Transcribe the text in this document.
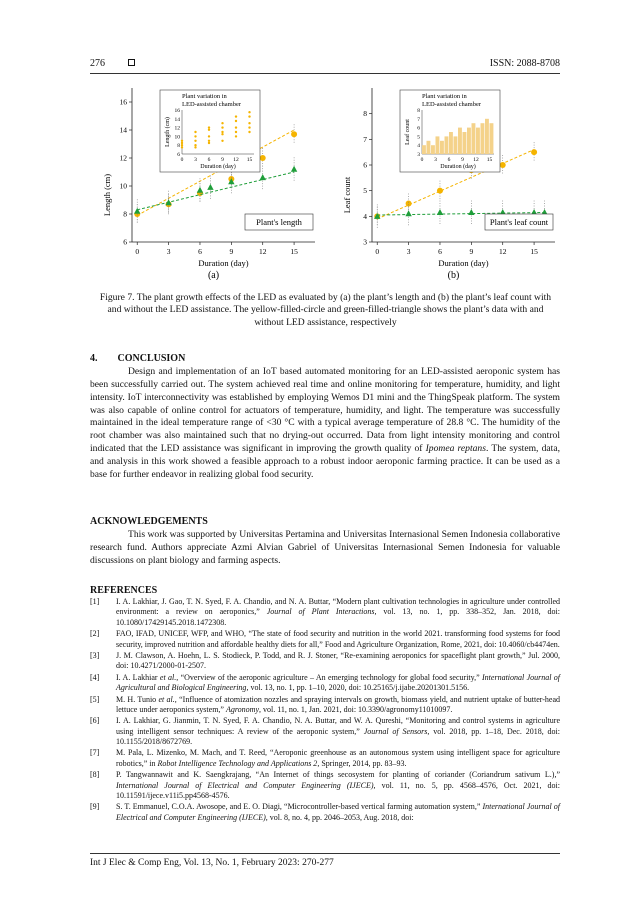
276	ISSN: 2088-8708
0	3	6	9	12	15
6
8
10
12
14
16
Duration (day)
Length (cm)
(a)
Plant's length
Plant variation in
LED-assisted chamber
0 3 6 9 12 15
6
8
10
12
14
16
Duration (day)
Length (cm)
0	3	6	9	12	15
3
4
5
6
7
8
Duration (day)
Leaf count
(b)
Plant's leaf count
Plant variation in
LED-assisted chamber
0 3 6 9 12 15
3
4
5
6
7
8
Duration (day)
Leaf count
Figure 7. The plant growth effects of the LED as evaluated by (a) the plant’s length and (b) the plant’s leaf count with and without the LED assistance. The yellow-filled-circle and green-filled-triangle shows the plant’s data with and without LED assistance, respectively
4.  CONCLUSION
Design and implementation of an IoT based automated monitoring for an LED-assisted aeroponic system has been successfully carried out. The system achieved real time and online monitoring for temperature, humidity, and light intensity. IoT interconnectivity was established by employing Wemos D1 mini and the ThingSpeak platform. The system was also capable of online control for actuators of temperature, humidity, and light. The temperature was successfully maintained in the ideal temperature range of <30 °C with a typical average temperature of 28.8 °C. The humidity of the root chamber was also maintained such that no drying-out occurred. Data from light intensity monitoring and control indicated that the LED assistance was significant in improving the growth quality of Ipomea reptans. The system, data, and analysis in this work showed a feasible approach to a robust indoor aeroponic farming practice. It can be used as a base for further endeavor in realizing global food security.
ACKNOWLEDGEMENTS
This work was supported by Universitas Pertamina and Universitas Internasional Semen Indonesia collaborative research fund. Authors appreciate Azmi Alvian Gabriel of Universitas Internasional Semen Indonesia for valuable discussions on plant biology and farming aspects.
REFERENCES
[1]	I. A. Lakhiar, J. Gao, T. N. Syed, F. A. Chandio, and N. A. Buttar, “Modern plant cultivation technologies in agriculture under controlled environment: a review on aeroponics,” Journal of Plant Interactions, vol. 13, no. 1, pp. 338–352, Jan. 2018, doi: 10.1080/17429145.2018.1472308.
[2]	FAO, IFAD, UNICEF, WFP, and WHO, “The state of food security and nutrition in the world 2021. transforming food systems for food security, improved nutrition and affordable healthy diets for all,” Food and Agriculture Organization, Rome, 2021, doi: 10.4060/cb4474en.
[3]	J. M. Clawson, A. Hoehn, L. S. Stodieck, P. Todd, and R. J. Stoner, “Re-examining aeroponics for spaceflight plant growth,” Jul. 2000, doi: 10.4271/2000-01-2507.
[4]	I. A. Lakhiar et al., “Overview of the aeroponic agriculture – An emerging technology for global food security,” International Journal of Agricultural and Biological Engineering, vol. 13, no. 1, pp. 1–10, 2020, doi: 10.25165/j.ijabe.20201301.5156.
[5]	M. H. Tunio et al., “Influence of atomization nozzles and spraying intervals on growth, biomass yield, and nutrient uptake of butter-head lettuce under aeroponics system,” Agronomy, vol. 11, no. 1, Jan. 2021, doi: 10.3390/agronomy11010097.
[6]	I. A. Lakhiar, G. Jianmin, T. N. Syed, F. A. Chandio, N. A. Buttar, and W. A. Qureshi, “Monitoring and control systems in agriculture using intelligent sensor techniques: A review of the aeroponic system,” Journal of Sensors, vol. 2018, pp. 1–18, Dec. 2018, doi: 10.1155/2018/8672769.
[7]	M. Pala, L. Mizenko, M. Mach, and T. Reed, “Aeroponic greenhouse as an autonomous system using intelligent space for agriculture robotics,” in Robot Intelligence Technology and Applications 2, Springer, 2014, pp. 83–93.
[8]	P. Tangwannawit and K. Saengkrajang, “An Internet of things secosystem for planting of coriander (Coriandrum sativum L.),” International Journal of Electrical and Computer Engineering (IJECE), vol. 11, no. 5, pp. 4568–4576, Oct. 2021, doi: 10.11591/ijece.v11i5.pp4568-4576.
[9]	S. T. Emmanuel, C.O.A. Awosope, and E. O. Diagi, “Microcontroller-based vertical farming automation system,” International Journal of Electrical and Computer Engineering (IJECE), vol. 8, no. 4, pp. 2046–2053, Aug. 2018, doi:
Int J Elec & Comp Eng, Vol. 13, No. 1, February 2023: 270-277
